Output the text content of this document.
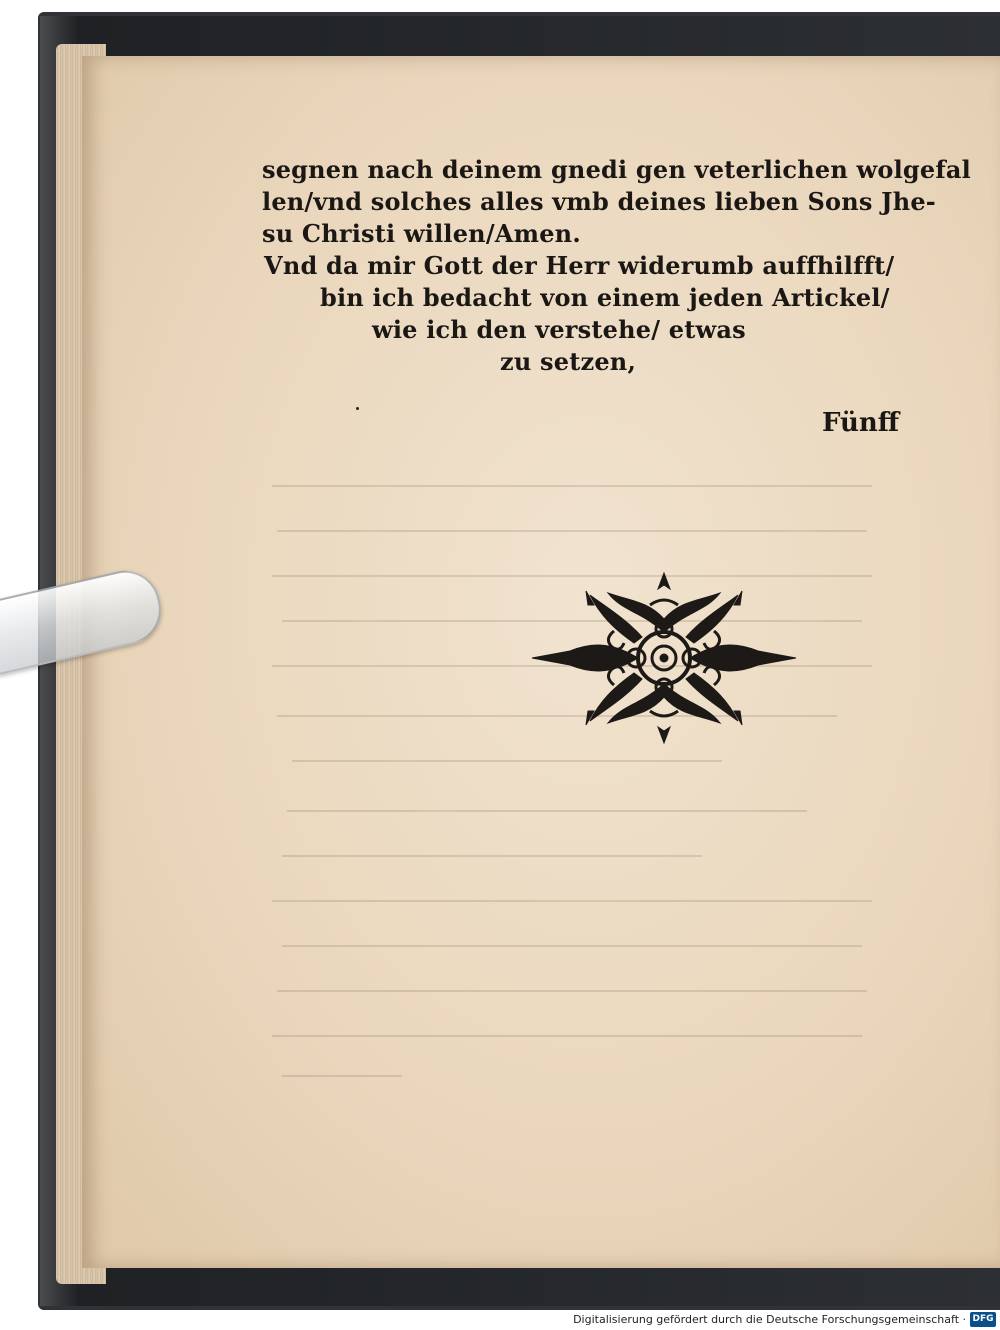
segnen nach deinem gnedi gen veterlichen wolgefal
len/vnd solches alles vmb deines lieben Sons Jhe-
su Christi willen/Amen.
Vnd da mir Gott der Herr widerumb auffhilfft/
bin ich bedacht von einem jeden Artickel/
wie ich den verstehe/ etwas
zu setzen,
Fünff
Digitalisierung gefördert durch die Deutsche Forschungsgemeinschaft · DFG
